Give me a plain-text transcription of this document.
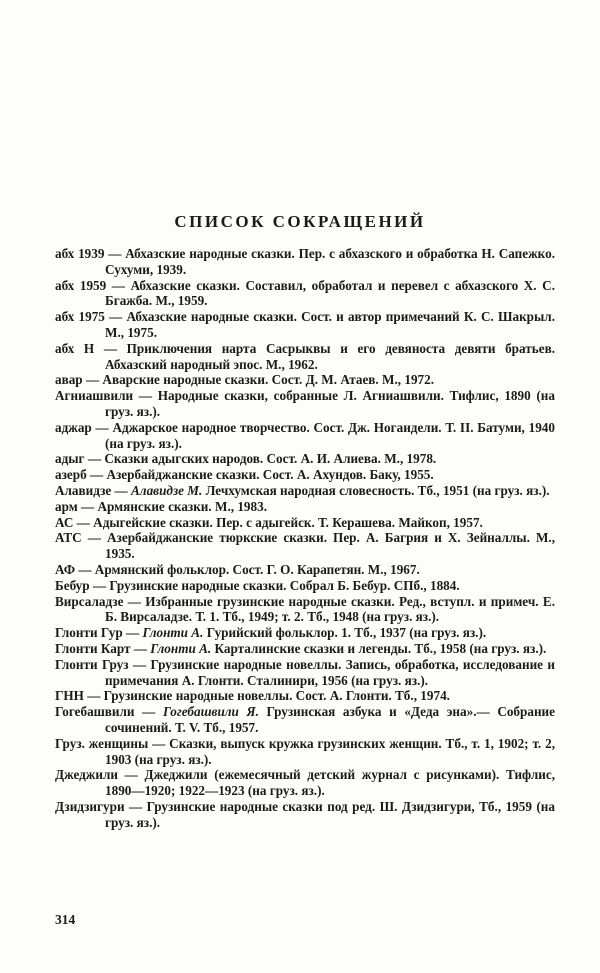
СПИСОК СОКРАЩЕНИЙ

абх 1939 — Абхазские народные сказки. Пер. с абхазского и обработка Н. Сапежко. Сухуми, 1939.

абх 1959 — Абхазские сказки. Составил, обработал и перевел с абхазского Х. С. Бгажба. М., 1959.

абх 1975 — Абхазские народные сказки. Сост. и автор примечаний К. С. Шакрыл. М., 1975.

абх Н — Приключения нарта Сасрыквы и его девяноста девяти братьев. Абхазский народный эпос. М., 1962.

авар — Аварские народные сказки. Сост. Д. М. Атаев. М., 1972.

Агниашвили — Народные сказки, собранные Л. Агниашвили. Тифлис, 1890 (на груз. яз.).

аджар — Аджарское народное творчество. Сост. Дж. Ногаидели. Т. II. Батуми, 1940 (на груз. яз.).

адыг — Сказки адыгских народов. Сост. А. И. Алиева. М., 1978.

азерб — Азербайджанские сказки. Сост. А. Ахундов. Баку, 1955.

Алавидзе — Алавидзе М. Лечхумская народная словесность. Тб., 1951 (на груз. яз.).

арм — Армянские сказки. М., 1983.

АС — Адыгейские сказки. Пер. с адыгейск. Т. Керашева. Майкоп, 1957.

АТС — Азербайджанские тюркские сказки. Пер. А. Багрия и Х. Зейналлы. М., 1935.

АФ — Армянский фольклор. Сост. Г. О. Карапетян. М., 1967.

Бебур — Грузинские народные сказки. Собрал Б. Бебур. СПб., 1884.

Вирсаладзе — Избранные грузинские народные сказки. Ред., вступл. и примеч. Е. Б. Вирсаладзе. Т. 1. Тб., 1949; т. 2. Тб., 1948 (на груз. яз.).

Глонти Гур — Глонти А. Гурийский фольклор. 1. Тб., 1937 (на груз. яз.).

Глонти Карт — Глонти А. Карталинские сказки и легенды. Тб., 1958 (на груз. яз.).

Глонти Груз — Грузинские народные новеллы. Запись, обработка, исследование и примечания А. Глонти. Сталинири, 1956 (на груз. яз.).

ГНН — Грузинские народные новеллы. Сост. А. Глонти. Тб., 1974.

Гогебашвили — Гогебашвили Я. Грузинская азбука и «Деда эна».— Собрание сочинений. Т. V. Тб., 1957.

Груз. женщины — Сказки, выпуск кружка грузинских женщин. Тб., т. 1, 1902; т. 2, 1903 (на груз. яз.).

Джеджили — Джеджили (ежемесячный детский журнал с рисунками). Тифлис, 1890—1920; 1922—1923 (на груз. яз.).

Дзидзигури — Грузинские народные сказки под ред. Ш. Дзидзигури, Тб., 1959 (на груз. яз.).

314
